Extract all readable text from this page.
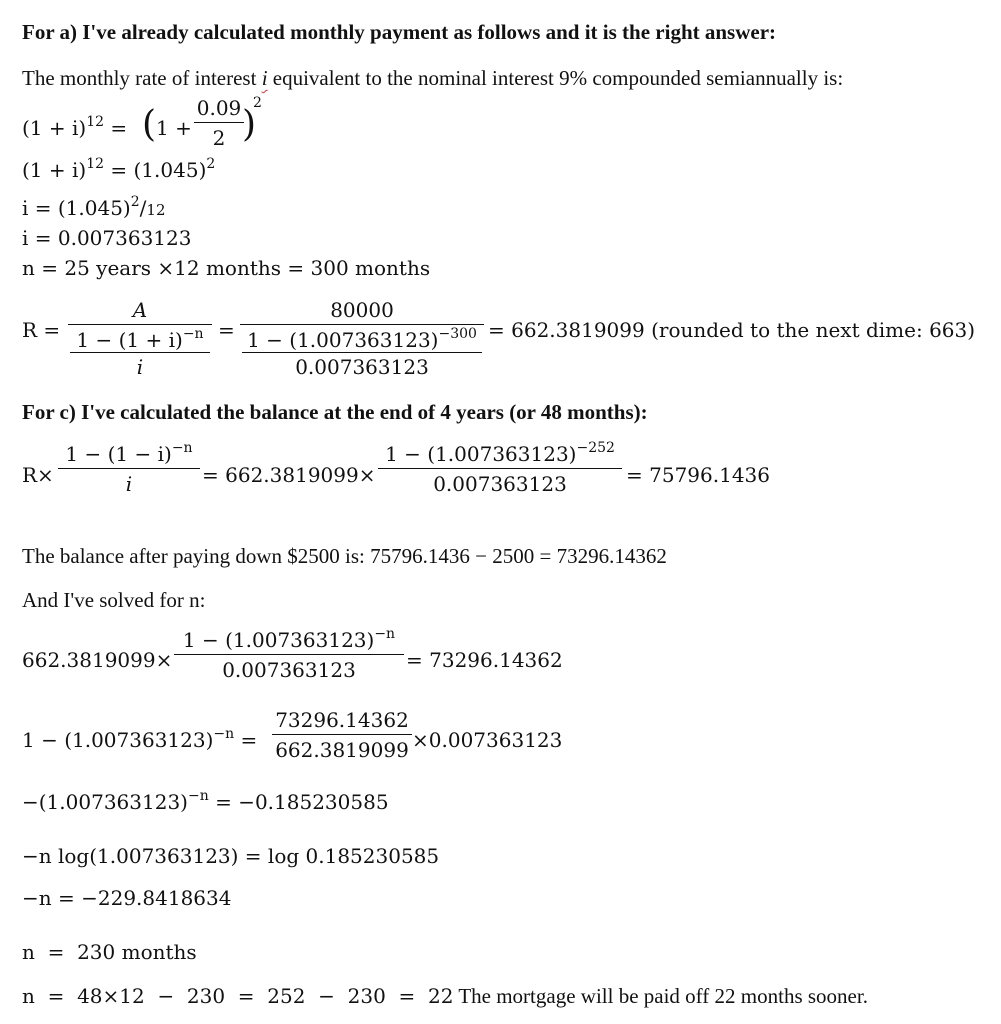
For a) I've already calculated monthly payment as follows and it is the right answer:
The monthly rate of interest i equivalent to the nominal interest 9% compounded semiannually is:
$(1 + i)^{12}$ = ( 1 +
0.09
2 )
2
$(1 + i)^{12} = (1.045)^2$
$i = (1.045)^2/12$
i = 0.007363123
n = 25 years ×12 months = 300 months
R =
A
$1 - (1 + i)^{-n}$
i
=
80000
$1 - (1.007363123)^{-300}$
0.007363123
= 662.3819099 (rounded to the next dime: 663)
For c) I've calculated the balance at the end of 4 years (or 48 months):
R×
$1 - (1 - i)^{-n}$
i	= 662.3819099×
$1 - (1.007363123)^{-252}$
0.007363123	= 75796.1436
The balance after paying down $2500 is: 75796.1436 − 2500 = 73296.14362
And I've solved for n:
662.3819099×
$1 - (1.007363123)^{-n}$
0.007363123	= 73296.14362
$1 - (1.007363123)^{-n}$ =
73296.14362
662.3819099 ×0.007363123
$-(1.007363123)^{-n} = -0.185230585$
−n log(1.007363123) = log 0.185230585
−n = −229.8418634
n  =  230 months
n  =  48×12  −  230  =  252  −  230  =  22 The mortgage will be paid off 22 months sooner.
